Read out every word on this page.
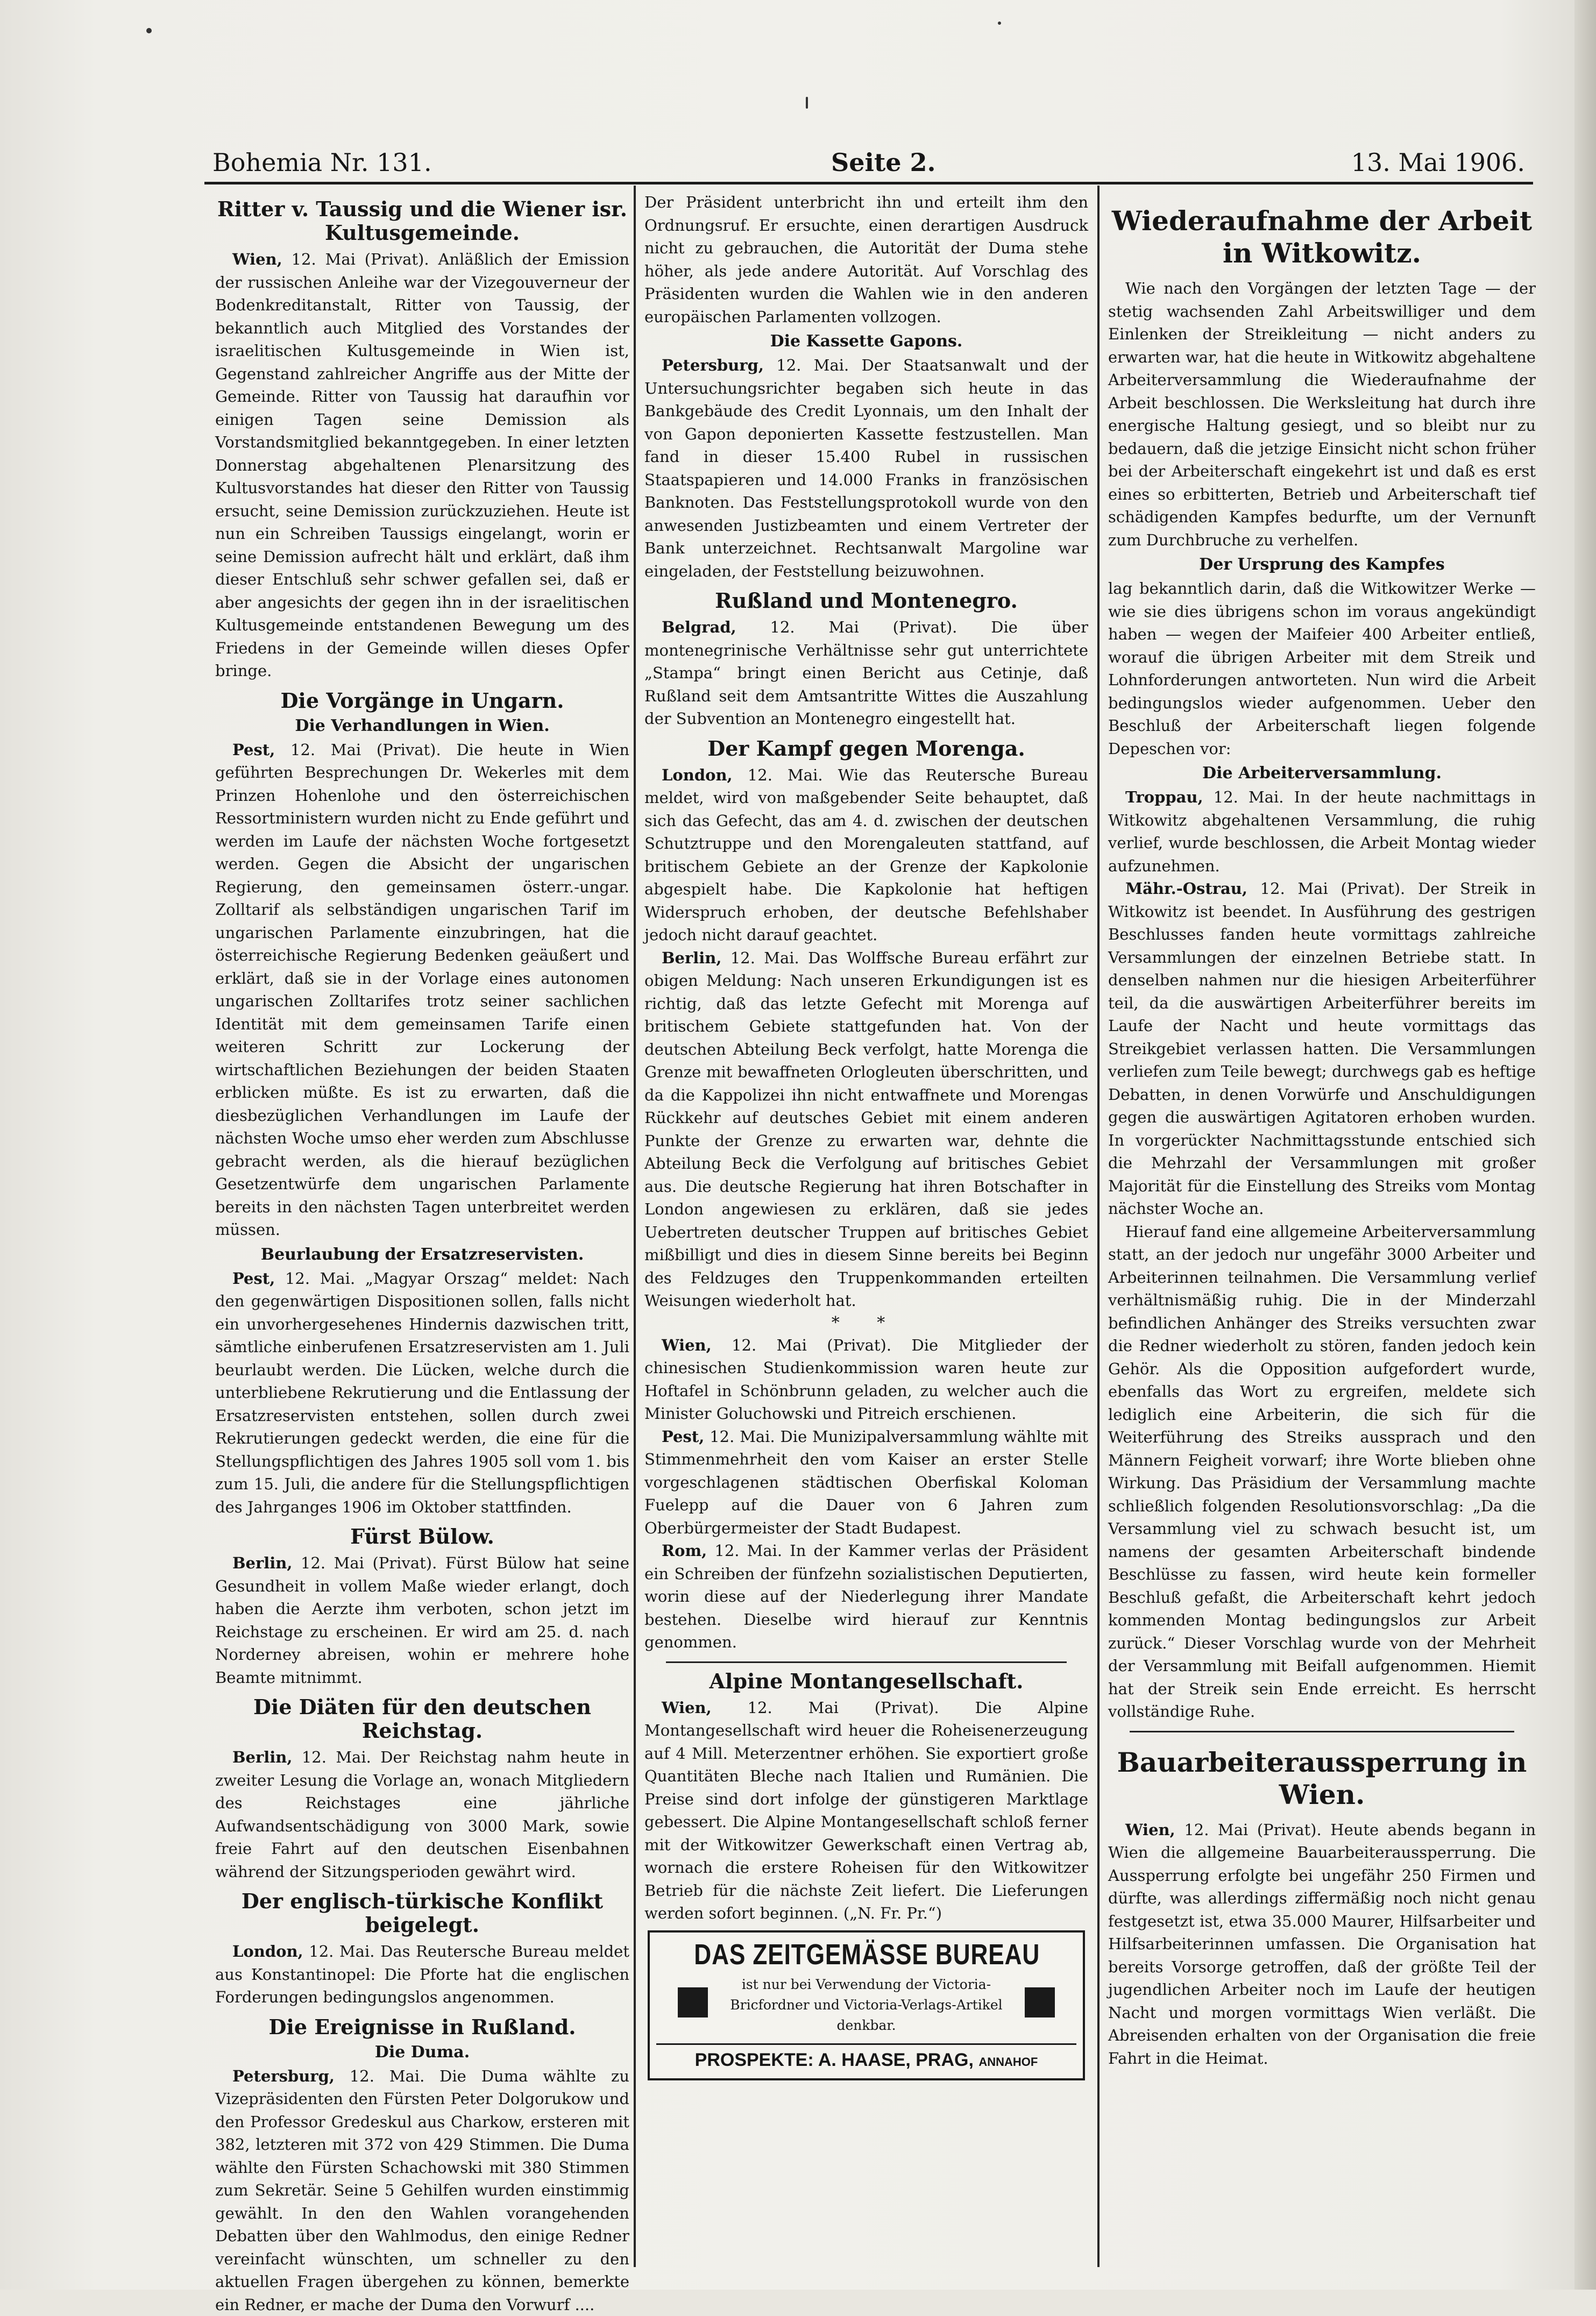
Bohemia Nr. 131.	Seite 2.	13. Mai 1906.
Ritter v. Taussig und die Wiener isr. Kultusgemeinde.

Wien, 12. Mai (Privat). Anläßlich der Emission der russischen Anleihe war der Vizegouverneur der Bodenkreditanstalt, Ritter von Taussig, der bekanntlich auch Mitglied des Vorstandes der israelitischen Kultusgemeinde in Wien ist, Gegenstand zahlreicher Angriffe aus der Mitte der Gemeinde. Ritter von Taussig hat daraufhin vor einigen Tagen seine Demission als Vorstandsmitglied bekanntgegeben. In einer letzten Donnerstag abgehaltenen Plenarsitzung des Kultusvorstandes hat dieser den Ritter von Taussig ersucht, seine Demission zurückzuziehen. Heute ist nun ein Schreiben Taussigs eingelangt, worin er seine Demission aufrecht hält und erklärt, daß ihm dieser Entschluß sehr schwer gefallen sei, daß er aber angesichts der gegen ihn in der israelitischen Kultusgemeinde entstandenen Bewegung um des Friedens in der Gemeinde willen dieses Opfer bringe.

Die Vorgänge in Ungarn.
Die Verhandlungen in Wien.

Pest, 12. Mai (Privat). Die heute in Wien geführten Besprechungen Dr. Wekerles mit dem Prinzen Hohenlohe und den österreichischen Ressortministern wurden nicht zu Ende geführt und werden im Laufe der nächsten Woche fortgesetzt werden. Gegen die Absicht der ungarischen Regierung, den gemeinsamen österr.-ungar. Zolltarif als selbständigen ungarischen Tarif im ungarischen Parlamente einzubringen, hat die österreichische Regierung Bedenken geäußert und erklärt, daß sie in der Vorlage eines autonomen ungarischen Zolltarifes trotz seiner sachlichen Identität mit dem gemeinsamen Tarife einen weiteren Schritt zur Lockerung der wirtschaftlichen Beziehungen der beiden Staaten erblicken müßte. Es ist zu erwarten, daß die diesbezüglichen Verhandlungen im Laufe der nächsten Woche umso eher werden zum Abschlusse gebracht werden, als die hierauf bezüglichen Gesetzentwürfe dem ungarischen Parlamente bereits in den nächsten Tagen unterbreitet werden müssen.

Beurlaubung der Ersatzreservisten.

Pest, 12. Mai. „Magyar Orszag“ meldet: Nach den gegenwärtigen Dispositionen sollen, falls nicht ein unvorhergesehenes Hindernis dazwischen tritt, sämtliche einberufenen Ersatzreservisten am 1. Juli beurlaubt werden. Die Lücken, welche durch die unterbliebene Rekrutierung und die Entlassung der Ersatzreservisten entstehen, sollen durch zwei Rekrutierungen gedeckt werden, die eine für die Stellungspflichtigen des Jahres 1905 soll vom 1. bis zum 15. Juli, die andere für die Stellungspflichtigen des Jahrganges 1906 im Oktober stattfinden.

Fürst Bülow.

Berlin, 12. Mai (Privat). Fürst Bülow hat seine Gesundheit in vollem Maße wieder erlangt, doch haben die Aerzte ihm verboten, schon jetzt im Reichstage zu erscheinen. Er wird am 25. d. nach Norderney abreisen, wohin er mehrere hohe Beamte mitnimmt.

Die Diäten für den deutschen Reichstag.

Berlin, 12. Mai. Der Reichstag nahm heute in zweiter Lesung die Vorlage an, wonach Mitgliedern des Reichstages eine jährliche Aufwandsentschädigung von 3000 Mark, sowie freie Fahrt auf den deutschen Eisenbahnen während der Sitzungsperioden gewährt wird.

Der englisch-türkische Konflikt beigelegt.

London, 12. Mai. Das Reutersche Bureau meldet aus Konstantinopel: Die Pforte hat die englischen Forderungen bedingungslos angenommen.

Die Ereignisse in Rußland.
Die Duma.

Petersburg, 12. Mai. Die Duma wählte zu Vizepräsidenten den Fürsten Peter Dolgorukow und den Professor Gredeskul aus Charkow, ersteren mit 382, letzteren mit 372 von 429 Stimmen. Die Duma wählte den Fürsten Schachowski mit 380 Stimmen zum Sekretär. Seine 5 Gehilfen wurden einstimmig gewählt. In den den Wahlen vorangehenden Debatten über den Wahlmodus, den einige Redner vereinfacht wünschten, um schneller zu den aktuellen Fragen übergehen zu können, bemerkte ein Redner, er mache der Duma den Vorwurf ....

Der Präsident unterbricht ihn und erteilt ihm den Ordnungsruf. Er ersuchte, einen derartigen Ausdruck nicht zu gebrauchen, die Autorität der Duma stehe höher, als jede andere Autorität. Auf Vorschlag des Präsidenten wurden die Wahlen wie in den anderen europäischen Parlamenten vollzogen.

Die Kassette Gapons.

Petersburg, 12. Mai. Der Staatsanwalt und der Untersuchungsrichter begaben sich heute in das Bankgebäude des Credit Lyonnais, um den Inhalt der von Gapon deponierten Kassette festzustellen. Man fand in dieser 15.400 Rubel in russischen Staatspapieren und 14.000 Franks in französischen Banknoten. Das Feststellungsprotokoll wurde von den anwesenden Justizbeamten und einem Vertreter der Bank unterzeichnet. Rechtsanwalt Margoline war eingeladen, der Feststellung beizuwohnen.

Rußland und Montenegro.

Belgrad, 12. Mai (Privat). Die über montenegrinische Verhältnisse sehr gut unterrichtete „Stampa“ bringt einen Bericht aus Cetinje, daß Rußland seit dem Amtsantritte Wittes die Auszahlung der Subvention an Montenegro eingestellt hat.

Der Kampf gegen Morenga.

London, 12. Mai. Wie das Reutersche Bureau meldet, wird von maßgebender Seite behauptet, daß sich das Gefecht, das am 4. d. zwischen der deutschen Schutztruppe und den Morengaleuten stattfand, auf britischem Gebiete an der Grenze der Kapkolonie abgespielt habe. Die Kapkolonie hat heftigen Widerspruch erhoben, der deutsche Befehlshaber jedoch nicht darauf geachtet.

Berlin, 12. Mai. Das Wolffsche Bureau erfährt zur obigen Meldung: Nach unseren Erkundigungen ist es richtig, daß das letzte Gefecht mit Morenga auf britischem Gebiete stattgefunden hat. Von der deutschen Abteilung Beck verfolgt, hatte Morenga die Grenze mit bewaffneten Orlogleuten überschritten, und da die Kappolizei ihn nicht entwaffnete und Morengas Rückkehr auf deutsches Gebiet mit einem anderen Punkte der Grenze zu erwarten war, dehnte die Abteilung Beck die Verfolgung auf britisches Gebiet aus. Die deutsche Regierung hat ihren Botschafter in London angewiesen zu erklären, daß sie jedes Uebertreten deutscher Truppen auf britisches Gebiet mißbilligt und dies in diesem Sinne bereits bei Beginn des Feldzuges den Truppenkommanden erteilten Weisungen wiederholt hat.

* *

Wien, 12. Mai (Privat). Die Mitglieder der chinesischen Studienkommission waren heute zur Hoftafel in Schönbrunn geladen, zu welcher auch die Minister Goluchowski und Pitreich erschienen.

Pest, 12. Mai. Die Munizipalversammlung wählte mit Stimmenmehrheit den vom Kaiser an erster Stelle vorgeschlagenen städtischen Oberfiskal Koloman Fuelepp auf die Dauer von 6 Jahren zum Oberbürgermeister der Stadt Budapest.

Rom, 12. Mai. In der Kammer verlas der Präsident ein Schreiben der fünfzehn sozialistischen Deputierten, worin diese auf der Niederlegung ihrer Mandate bestehen. Dieselbe wird hierauf zur Kenntnis genommen.

Alpine Montangesellschaft.

Wien, 12. Mai (Privat). Die Alpine Montangesellschaft wird heuer die Roheisenerzeugung auf 4 Mill. Meterzentner erhöhen. Sie exportiert große Quantitäten Bleche nach Italien und Rumänien. Die Preise sind dort infolge der günstigeren Marktlage gebessert. Die Alpine Montangesellschaft schloß ferner mit der Witkowitzer Gewerkschaft einen Vertrag ab, wornach die erstere Roheisen für den Witkowitzer Betrieb für die nächste Zeit liefert. Die Lieferungen werden sofort beginnen. („N. Fr. Pr.“)

DAS ZEITGEMÄSSE BUREAU
ist nur bei Verwendung der Victoria-Bricfordner und Victoria-Verlags-Artikel denkbar.
PROSPEKTE: A. HAASE, PRAG, ANNAHOF
Wiederaufnahme der Arbeit in Witkowitz.

Wie nach den Vorgängen der letzten Tage — der stetig wachsenden Zahl Arbeitswilliger und dem Einlenken der Streikleitung — nicht anders zu erwarten war, hat die heute in Witkowitz abgehaltene Arbeiterversammlung die Wiederaufnahme der Arbeit beschlossen. Die Werksleitung hat durch ihre energische Haltung gesiegt, und so bleibt nur zu bedauern, daß die jetzige Einsicht nicht schon früher bei der Arbeiterschaft eingekehrt ist und daß es erst eines so erbitterten, Betrieb und Arbeiterschaft tief schädigenden Kampfes bedurfte, um der Vernunft zum Durchbruche zu verhelfen.

Der Ursprung des Kampfes

lag bekanntlich darin, daß die Witkowitzer Werke — wie sie dies übrigens schon im voraus angekündigt haben — wegen der Maifeier 400 Arbeiter entließ, worauf die übrigen Arbeiter mit dem Streik und Lohnforderungen antworteten. Nun wird die Arbeit bedingungslos wieder aufgenommen. Ueber den Beschluß der Arbeiterschaft liegen folgende Depeschen vor:

Die Arbeiterversammlung.

Troppau, 12. Mai. In der heute nachmittags in Witkowitz abgehaltenen Versammlung, die ruhig verlief, wurde beschlossen, die Arbeit Montag wieder aufzunehmen.

Mähr.-Ostrau, 12. Mai (Privat). Der Streik in Witkowitz ist beendet. In Ausführung des gestrigen Beschlusses fanden heute vormittags zahlreiche Versammlungen der einzelnen Betriebe statt. In denselben nahmen nur die hiesigen Arbeiterführer teil, da die auswärtigen Arbeiterführer bereits im Laufe der Nacht und heute vormittags das Streikgebiet verlassen hatten. Die Versammlungen verliefen zum Teile bewegt; durchwegs gab es heftige Debatten, in denen Vorwürfe und Anschuldigungen gegen die auswärtigen Agitatoren erhoben wurden. In vorgerückter Nachmittagsstunde entschied sich die Mehrzahl der Versammlungen mit großer Majorität für die Einstellung des Streiks vom Montag nächster Woche an.

Hierauf fand eine allgemeine Arbeiterversammlung statt, an der jedoch nur ungefähr 3000 Arbeiter und Arbeiterinnen teilnahmen. Die Versammlung verlief verhältnismäßig ruhig. Die in der Minderzahl befindlichen Anhänger des Streiks versuchten zwar die Redner wiederholt zu stören, fanden jedoch kein Gehör. Als die Opposition aufgefordert wurde, ebenfalls das Wort zu ergreifen, meldete sich lediglich eine Arbeiterin, die sich für die Weiterführung des Streiks aussprach und den Männern Feigheit vorwarf; ihre Worte blieben ohne Wirkung. Das Präsidium der Versammlung machte schließlich folgenden Resolutionsvorschlag: „Da die Versammlung viel zu schwach besucht ist, um namens der gesamten Arbeiterschaft bindende Beschlüsse zu fassen, wird heute kein formeller Beschluß gefaßt, die Arbeiterschaft kehrt jedoch kommenden Montag bedingungslos zur Arbeit zurück.“ Dieser Vorschlag wurde von der Mehrheit der Versammlung mit Beifall aufgenommen. Hiemit hat der Streik sein Ende erreicht. Es herrscht vollständige Ruhe.

Bauarbeiteraussperrung in Wien.

Wien, 12. Mai (Privat). Heute abends begann in Wien die allgemeine Bauarbeiteraussperrung. Die Aussperrung erfolgte bei ungefähr 250 Firmen und dürfte, was allerdings ziffermäßig noch nicht genau festgesetzt ist, etwa 35.000 Maurer, Hilfsarbeiter und Hilfsarbeiterinnen umfassen. Die Organisation hat bereits Vorsorge getroffen, daß der größte Teil der jugendlichen Arbeiter noch im Laufe der heutigen Nacht und morgen vormittags Wien verläßt. Die Abreisenden erhalten von der Organisation die freie Fahrt in die Heimat.
